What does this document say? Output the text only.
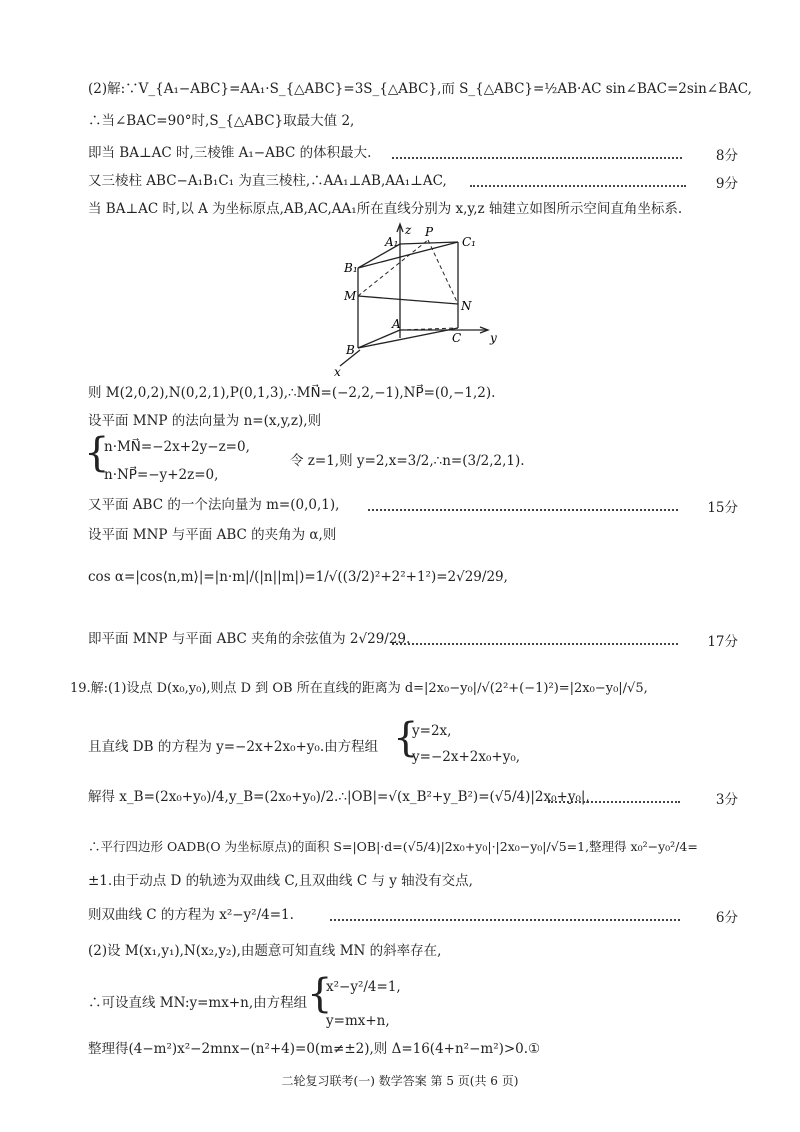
(2)解:∵V_{A₁−ABC}=AA₁·S_{△ABC}=3S_{△ABC},而 S_{△ABC}=½AB·AC sin∠BAC=2sin∠BAC,
∴当∠BAC=90°时,S_{△ABC}取最大值 2,
即当 BA⊥AC 时,三棱锥 A₁−ABC 的体积最大.	8分
又三棱柱 ABC−A₁B₁C₁ 为直三棱柱,∴AA₁⊥AB,AA₁⊥AC,	9分
当 BA⊥AC 时,以 A 为坐标原点,AB,AC,AA₁所在直线分别为 x,y,z 轴建立如图所示空间直角坐标系.
z
A₁
P
C₁
B₁
M
N
A
C y
B
x
则 M(2,0,2),N(0,2,1),P(0,1,3),∴MN⃗=(−2,2,−1),NP⃗=(0,−1,2).
设平面 MNP 的法向量为 n=(x,y,z),则
{
n·MN⃗=−2x+2y−z=0,
n·NP⃗=−y+2z=0,
令 z=1,则 y=2,x=3/2,∴n=(3/2,2,1).
又平面 ABC 的一个法向量为 m=(0,0,1),	15分
设平面 MNP 与平面 ABC 的夹角为 α,则
cos α=|cos⟨n,m⟩|=|n·m|/(|n||m|)=1/√((3/2)²+2²+1²)=2√29/29,
即平面 MNP 与平面 ABC 夹角的余弦值为 2√29/29.	17分
19.解:(1)设点 D(x₀,y₀),则点 D 到 OB 所在直线的距离为 d=|2x₀−y₀|/√(2²+(−1)²)=|2x₀−y₀|/√5,
且直线 DB 的方程为 y=−2x+2x₀+y₀.由方程组 {
y=2x,
y=−2x+2x₀+y₀,
解得 x_B=(2x₀+y₀)/4,y_B=(2x₀+y₀)/2.∴|OB|=√(x_B²+y_B²)=(√5/4)|2x₀+y₀|,	3分
∴平行四边形 OADB(O 为坐标原点)的面积 S=|OB|·d=(√5/4)|2x₀+y₀|·|2x₀−y₀|/√5=1,整理得 x₀²−y₀²/4=
±1.由于动点 D 的轨迹为双曲线 C,且双曲线 C 与 y 轴没有交点,
则双曲线 C 的方程为 x²−y²/4=1.	6分
(2)设 M(x₁,y₁),N(x₂,y₂),由题意可知直线 MN 的斜率存在,
∴可设直线 MN:y=mx+n,由方程组 {
x²−y²/4=1,
y=mx+n,
整理得(4−m²)x²−2mnx−(n²+4)=0(m≠±2),则 Δ=16(4+n²−m²)>0.①
二轮复习联考(一) 数学答案 第 5 页(共 6 页)
